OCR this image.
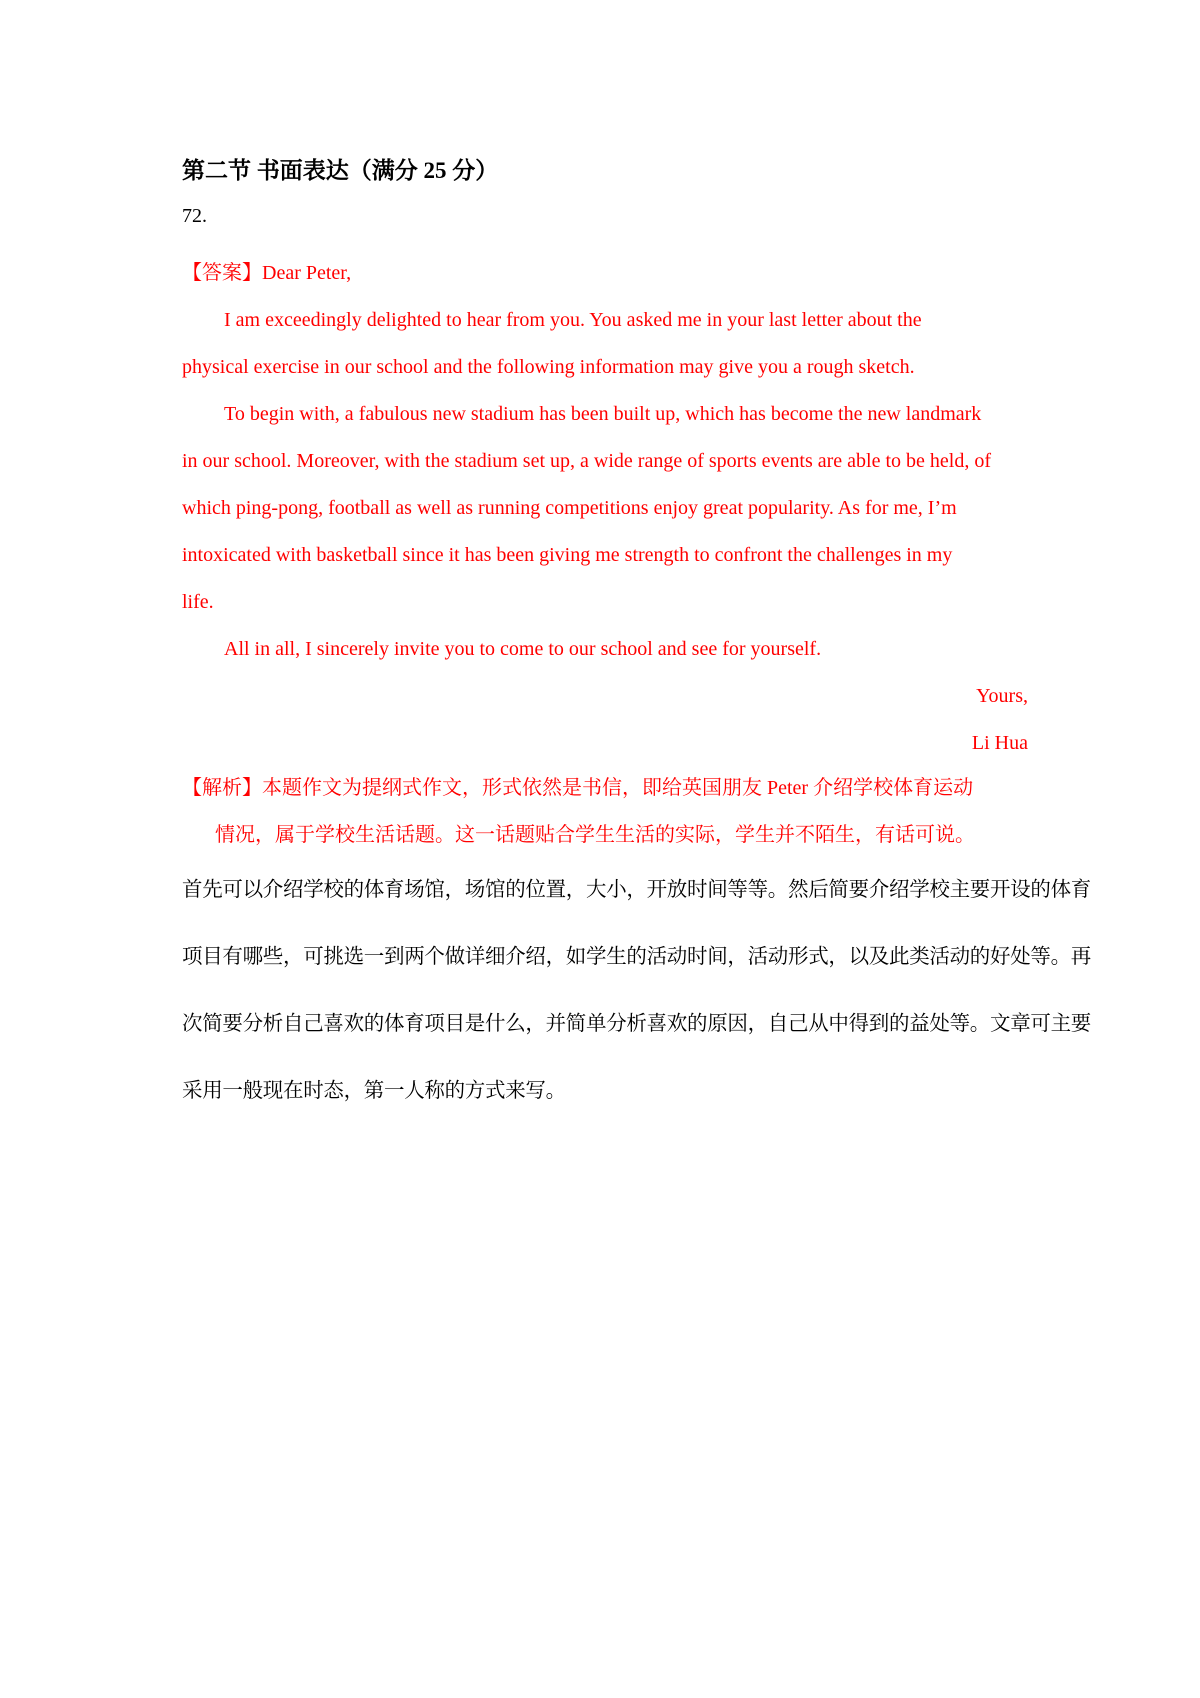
第二节 书面表达（满分 25 分）
72.
【答案】Dear Peter,
I am exceedingly delighted to hear from you. You asked me in your last letter about the
physical exercise in our school and the following information may give you a rough sketch.
To begin with, a fabulous new stadium has been built up, which has become the new landmark
in our school. Moreover, with the stadium set up, a wide range of sports events are able to be held, of
which ping-pong, football as well as running competitions enjoy great popularity. As for me, I’m
intoxicated with basketball since it has been giving me strength to confront the challenges in my
life.
All in all, I sincerely invite you to come to our school and see for yourself.
Yours,
Li Hua
【解析】本题作文为提纲式作文，形式依然是书信，即给英国朋友 Peter 介绍学校体育运动
情况，属于学校生活话题。这一话题贴合学生生活的实际，学生并不陌生，有话可说。
首先可以介绍学校的体育场馆，场馆的位置，大小，开放时间等等。然后简要介绍学校主要开设的体育
项目有哪些，可挑选一到两个做详细介绍，如学生的活动时间，活动形式，以及此类活动的好处等。再
次简要分析自己喜欢的体育项目是什么，并简单分析喜欢的原因，自己从中得到的益处等。文章可主要
采用一般现在时态，第一人称的方式来写。
